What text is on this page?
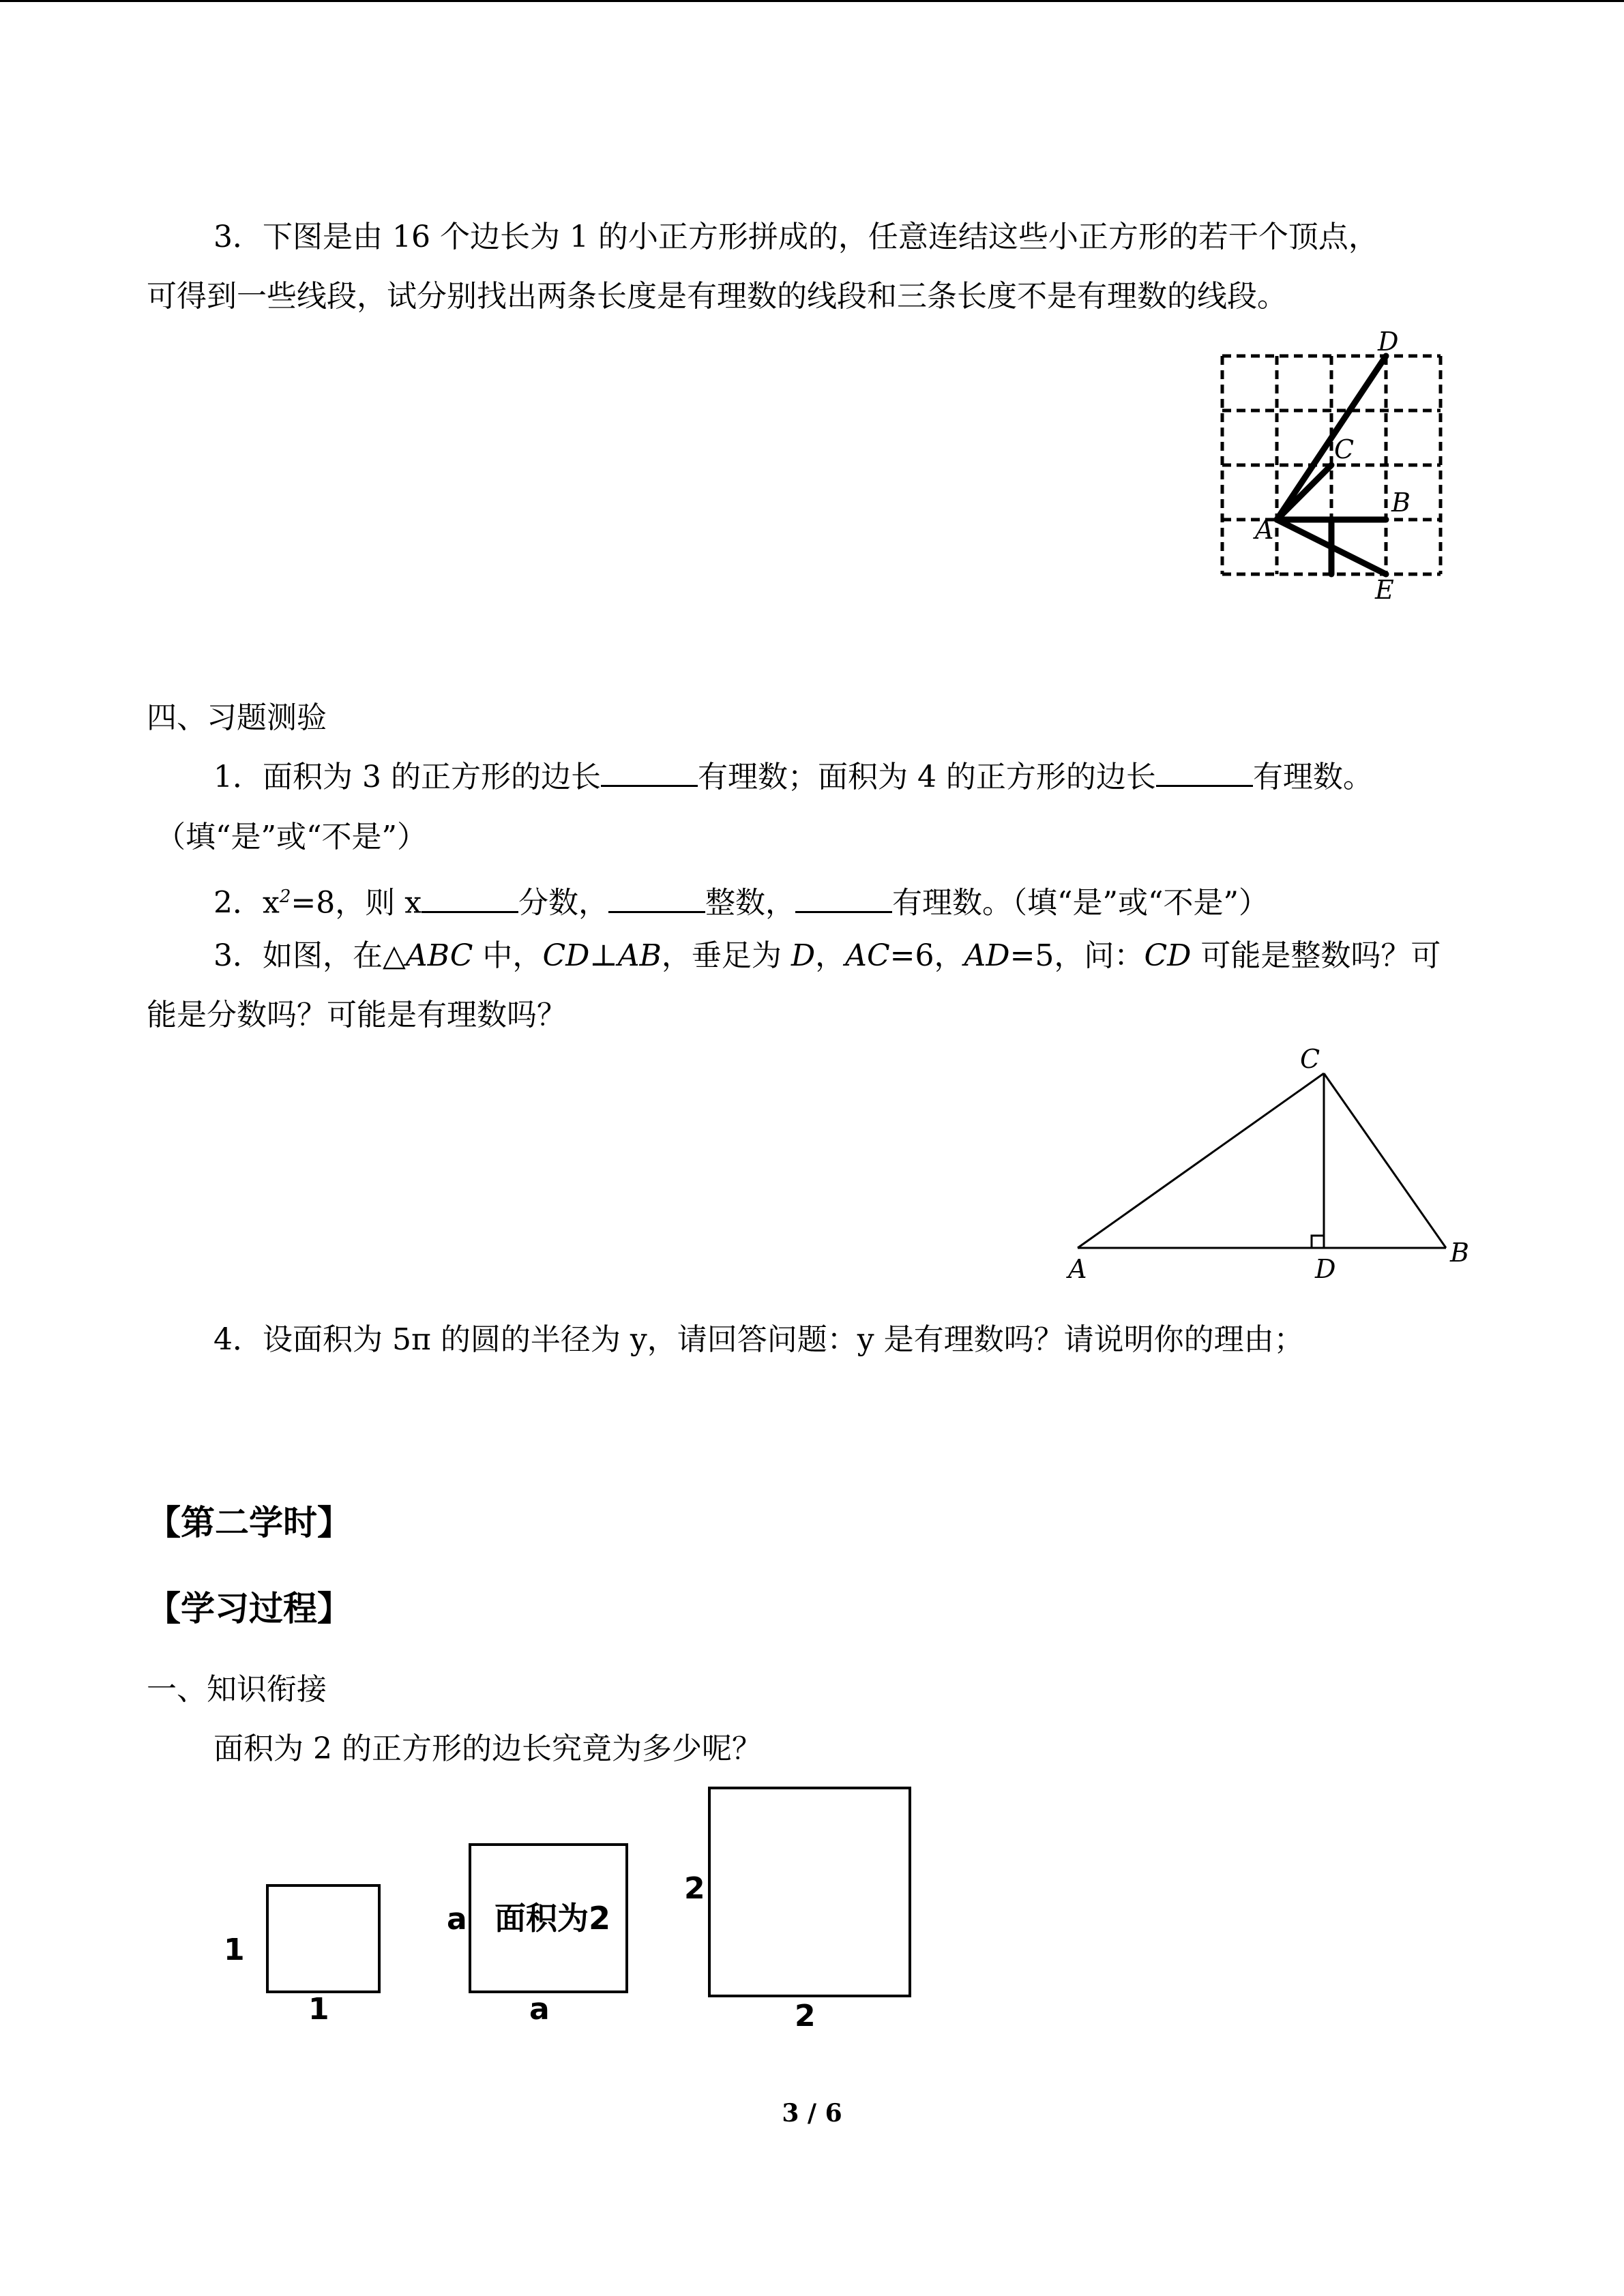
3．下图是由 16 个边长为 1 的小正方形拼成的，任意连结这些小正方形的若干个顶点，
可得到一些线段，试分别找出两条长度是有理数的线段和三条长度不是有理数的线段。
D
C
B
A
E
四、习题测验
1．面积为 3 的正方形的边长	有理数；面积为 4 的正方形的边长	有理数。
（填“是”或“不是”）
2．$x^2=8$，则 x	分数，	整数，	有理数。（填“是”或“不是”）
3．如图，在△ABC 中，CD⊥AB，垂足为 D，AC=6，AD=5，问：CD 可能是整数吗？可
能是分数吗？可能是有理数吗？
C
A	D
B
4．设面积为 5π 的圆的半径为 y，请回答问题：y 是有理数吗？请说明你的理由；
【第二学时】
【学习过程】
一、知识衔接
面积为 2 的正方形的边长究竟为多少呢？
1
1
a
a
面积为2
2
2
3 / 6
